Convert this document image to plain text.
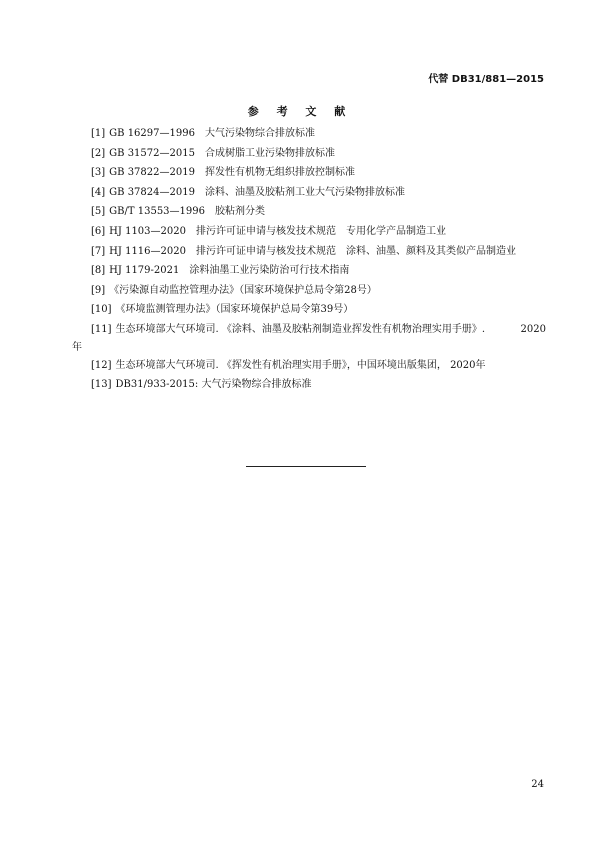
代替 DB31/881—2015
参 考 文 献
[1] GB 16297—1996 大气污染物综合排放标准
[2] GB 31572—2015 合成树脂工业污染物排放标准
[3] GB 37822—2019 挥发性有机物无组织排放控制标准
[4] GB 37824—2019 涂料、油墨及胶粘剂工业大气污染物排放标准
[5] GB/T 13553—1996 胶粘剂分类
[6] HJ 1103—2020 排污许可证申请与核发技术规范 专用化学产品制造工业
[7] HJ 1116—2020 排污许可证申请与核发技术规范 涂料、油墨、颜料及其类似产品制造业
[8] HJ 1179-2021 涂料油墨工业污染防治可行技术指南
[9] 《污染源自动监控管理办法》（国家环境保护总局令第28号）
[10] 《环境监测管理办法》（国家环境保护总局令第39号）
2020
[11] 生态环境部大气环境司. 《涂料、油墨及胶粘剂制造业挥发性有机物治理实用手册》.
年
[12] 生态环境部大气环境司. 《挥发性有机治理实用手册》，中国环境出版集团， 2020年
[13] DB31/933-2015: 大气污染物综合排放标准
24
